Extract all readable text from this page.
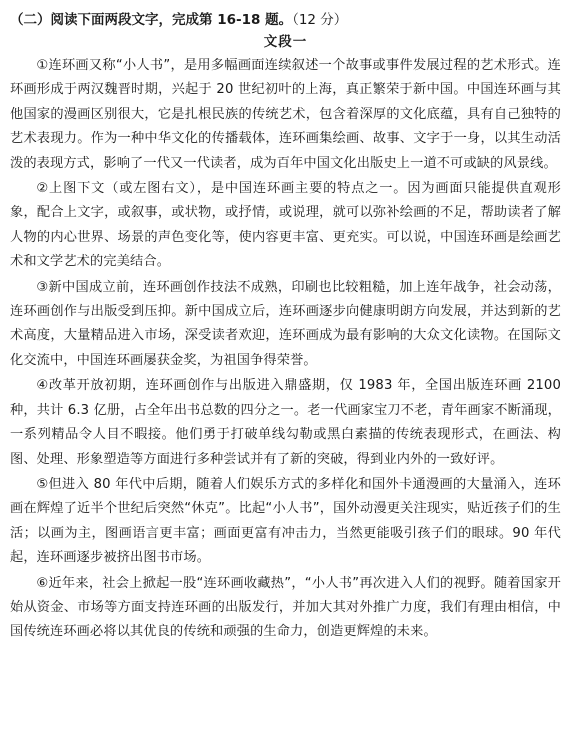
（二）阅读下面两段文字，完成第 16-18 题。（12 分）
文段一

①连环画又称“小人书”，是用多幅画面连续叙述一个故事或事件发展过程的艺术形式。连环画形成于两汉魏晋时期，兴起于 20 世纪初叶的上海，真正繁荣于新中国。中国连环画与其他国家的漫画区别很大，它是扎根民族的传统艺术，包含着深厚的文化底蕴，具有自己独特的艺术表现力。作为一种中华文化的传播载体，连环画集绘画、故事、文字于一身，以其生动活泼的表现方式，影响了一代又一代读者，成为百年中国文化出版史上一道不可或缺的风景线。

②上图下文（或左图右文），是中国连环画主要的特点之一。因为画面只能提供直观形象，配合上文字，或叙事，或状物，或抒情，或说理，就可以弥补绘画的不足，帮助读者了解人物的内心世界、场景的声色变化等，使内容更丰富、更充实。可以说，中国连环画是绘画艺术和文学艺术的完美结合。

③新中国成立前，连环画创作技法不成熟，印刷也比较粗糙，加上连年战争，社会动荡，连环画创作与出版受到压抑。新中国成立后，连环画逐步向健康明朗方向发展，并达到新的艺术高度，大量精品进入市场，深受读者欢迎，连环画成为最有影响的大众文化读物。在国际文化交流中，中国连环画屡获金奖，为祖国争得荣誉。

④改革开放初期，连环画创作与出版进入鼎盛期，仅 1983 年，全国出版连环画 2100 种，共计 6.3 亿册，占全年出书总数的四分之一。老一代画家宝刀不老，青年画家不断涌现，一系列精品令人目不暇接。他们勇于打破单线勾勒或黑白素描的传统表现形式，在画法、构图、处理、形象塑造等方面进行多种尝试并有了新的突破，得到业内外的一致好评。

⑤但进入 80 年代中后期，随着人们娱乐方式的多样化和国外卡通漫画的大量涌入，连环画在辉煌了近半个世纪后突然“休克”。比起“小人书”，国外动漫更关注现实，贴近孩子们的生活；以画为主，图画语言更丰富；画面更富有冲击力，当然更能吸引孩子们的眼球。90 年代起，连环画逐步被挤出图书市场。

⑥近年来，社会上掀起一股“连环画收藏热”，“小人书”再次进入人们的视野。随着国家开始从资金、市场等方面支持连环画的出版发行，并加大其对外推广力度，我们有理由相信，中国传统连环画必将以其优良的传统和顽强的生命力，创造更辉煌的未来。
